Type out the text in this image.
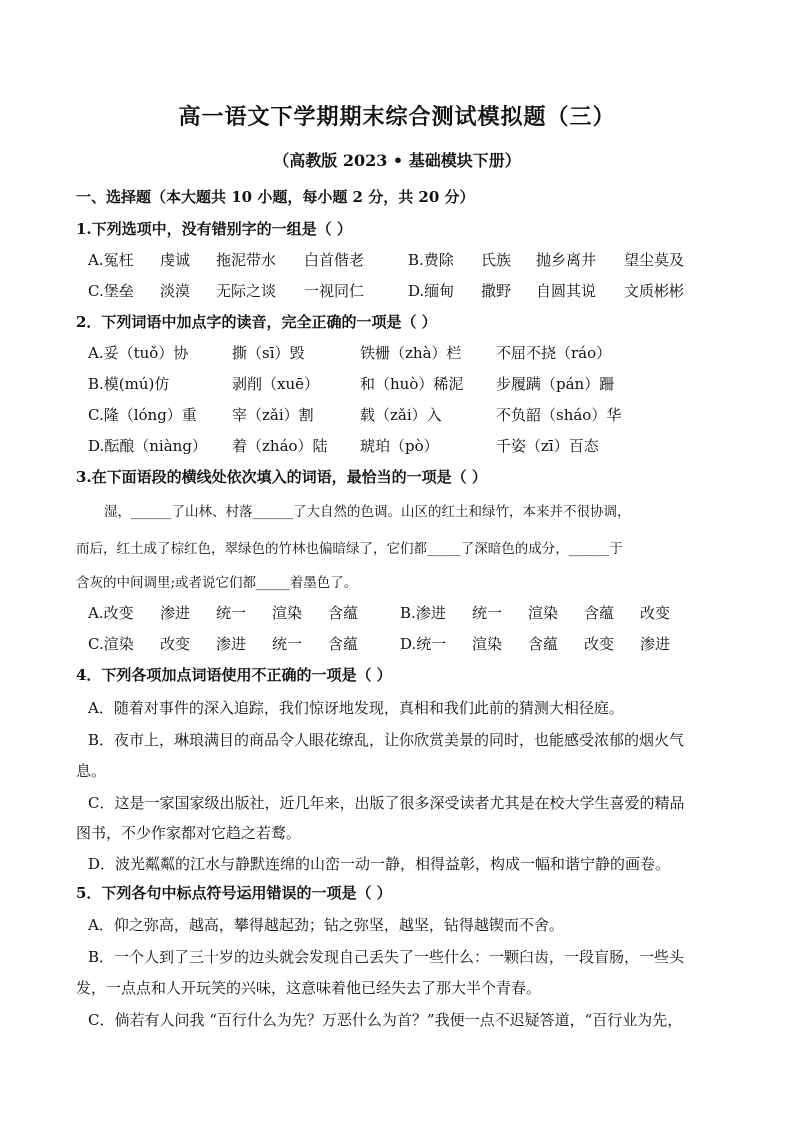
高一语文下学期期末综合测试模拟题（三）
（高教版 2023 • 基础模块下册）
一、选择题（本大题共 10 小题，每小题 2 分，共 20 分）
1.下列选项中，没有错别字的一组是（ ）
A.冤枉 虔诚 拖泥带水 白首偕老	B.费除 氏族 抛乡离井 望尘莫及
C.堡垒 淡漠 无际之谈 一视同仁	D.缅甸 撒野 自圆其说 文质彬彬
2．下列词语中加点字的读音，完全正确的一项是（ ）
A.妥（tuǒ）协	撕（sī）毁	铁栅（zhà）栏 不屈不挠（ráo）
B.模(mú)仿	剥削（xuē）	和（huò）稀泥 步履蹒（pán）跚
C.隆（lóng）重 宰（zǎi）割	载（zǎi）入	不负韶（sháo）华
D.酝酿（niàng） 着（zháo）陆 琥珀（pò）	千姿（zī）百态
3.在下面语段的横线处依次填入的词语，最恰当的一项是（ ）
湿，______了山林、村落______了大自然的色调。山区的红土和绿竹，本来并不很协调，
而后，红土成了棕红色，翠绿色的竹林也偏暗绿了，它们都_____了深暗色的成分，______于
含灰的中间调里;或者说它们都_____着墨色了。
A.改变 渗进 统一 渲染 含蕴	B.渗进 统一 渲染 含蕴 改变
C.渲染 改变 渗进 统一 含蕴	D.统一 渲染 含蕴 改变 渗进
4．下列各项加点词语使用不正确的一项是（ ）
A．随着对事件的深入追踪，我们惊讶地发现，真相和我们此前的猜测大相径庭。
B．夜市上，琳琅满目的商品令人眼花缭乱，让你欣赏美景的同时，也能感受浓郁的烟火气
息。
C．这是一家国家级出版社，近几年来，出版了很多深受读者尤其是在校大学生喜爱的精品
图书，不少作家都对它趋之若鹜。
D．波光粼粼的江水与静默连绵的山峦一动一静，相得益彰，构成一幅和谐宁静的画卷。
5．下列各句中标点符号运用错误的一项是（ ）
A．仰之弥高，越高，攀得越起劲；钻之弥坚，越坚，钻得越锲而不舍。
B．一个人到了三十岁的边头就会发现自己丢失了一些什么：一颗臼齿，一段盲肠，一些头
发，一点点和人开玩笑的兴味，这意味着他已经失去了那大半个青春。
C．倘若有人问我 “百行什么为先？万恶什么为首？”我便一点不迟疑答道，“百行业为先，
